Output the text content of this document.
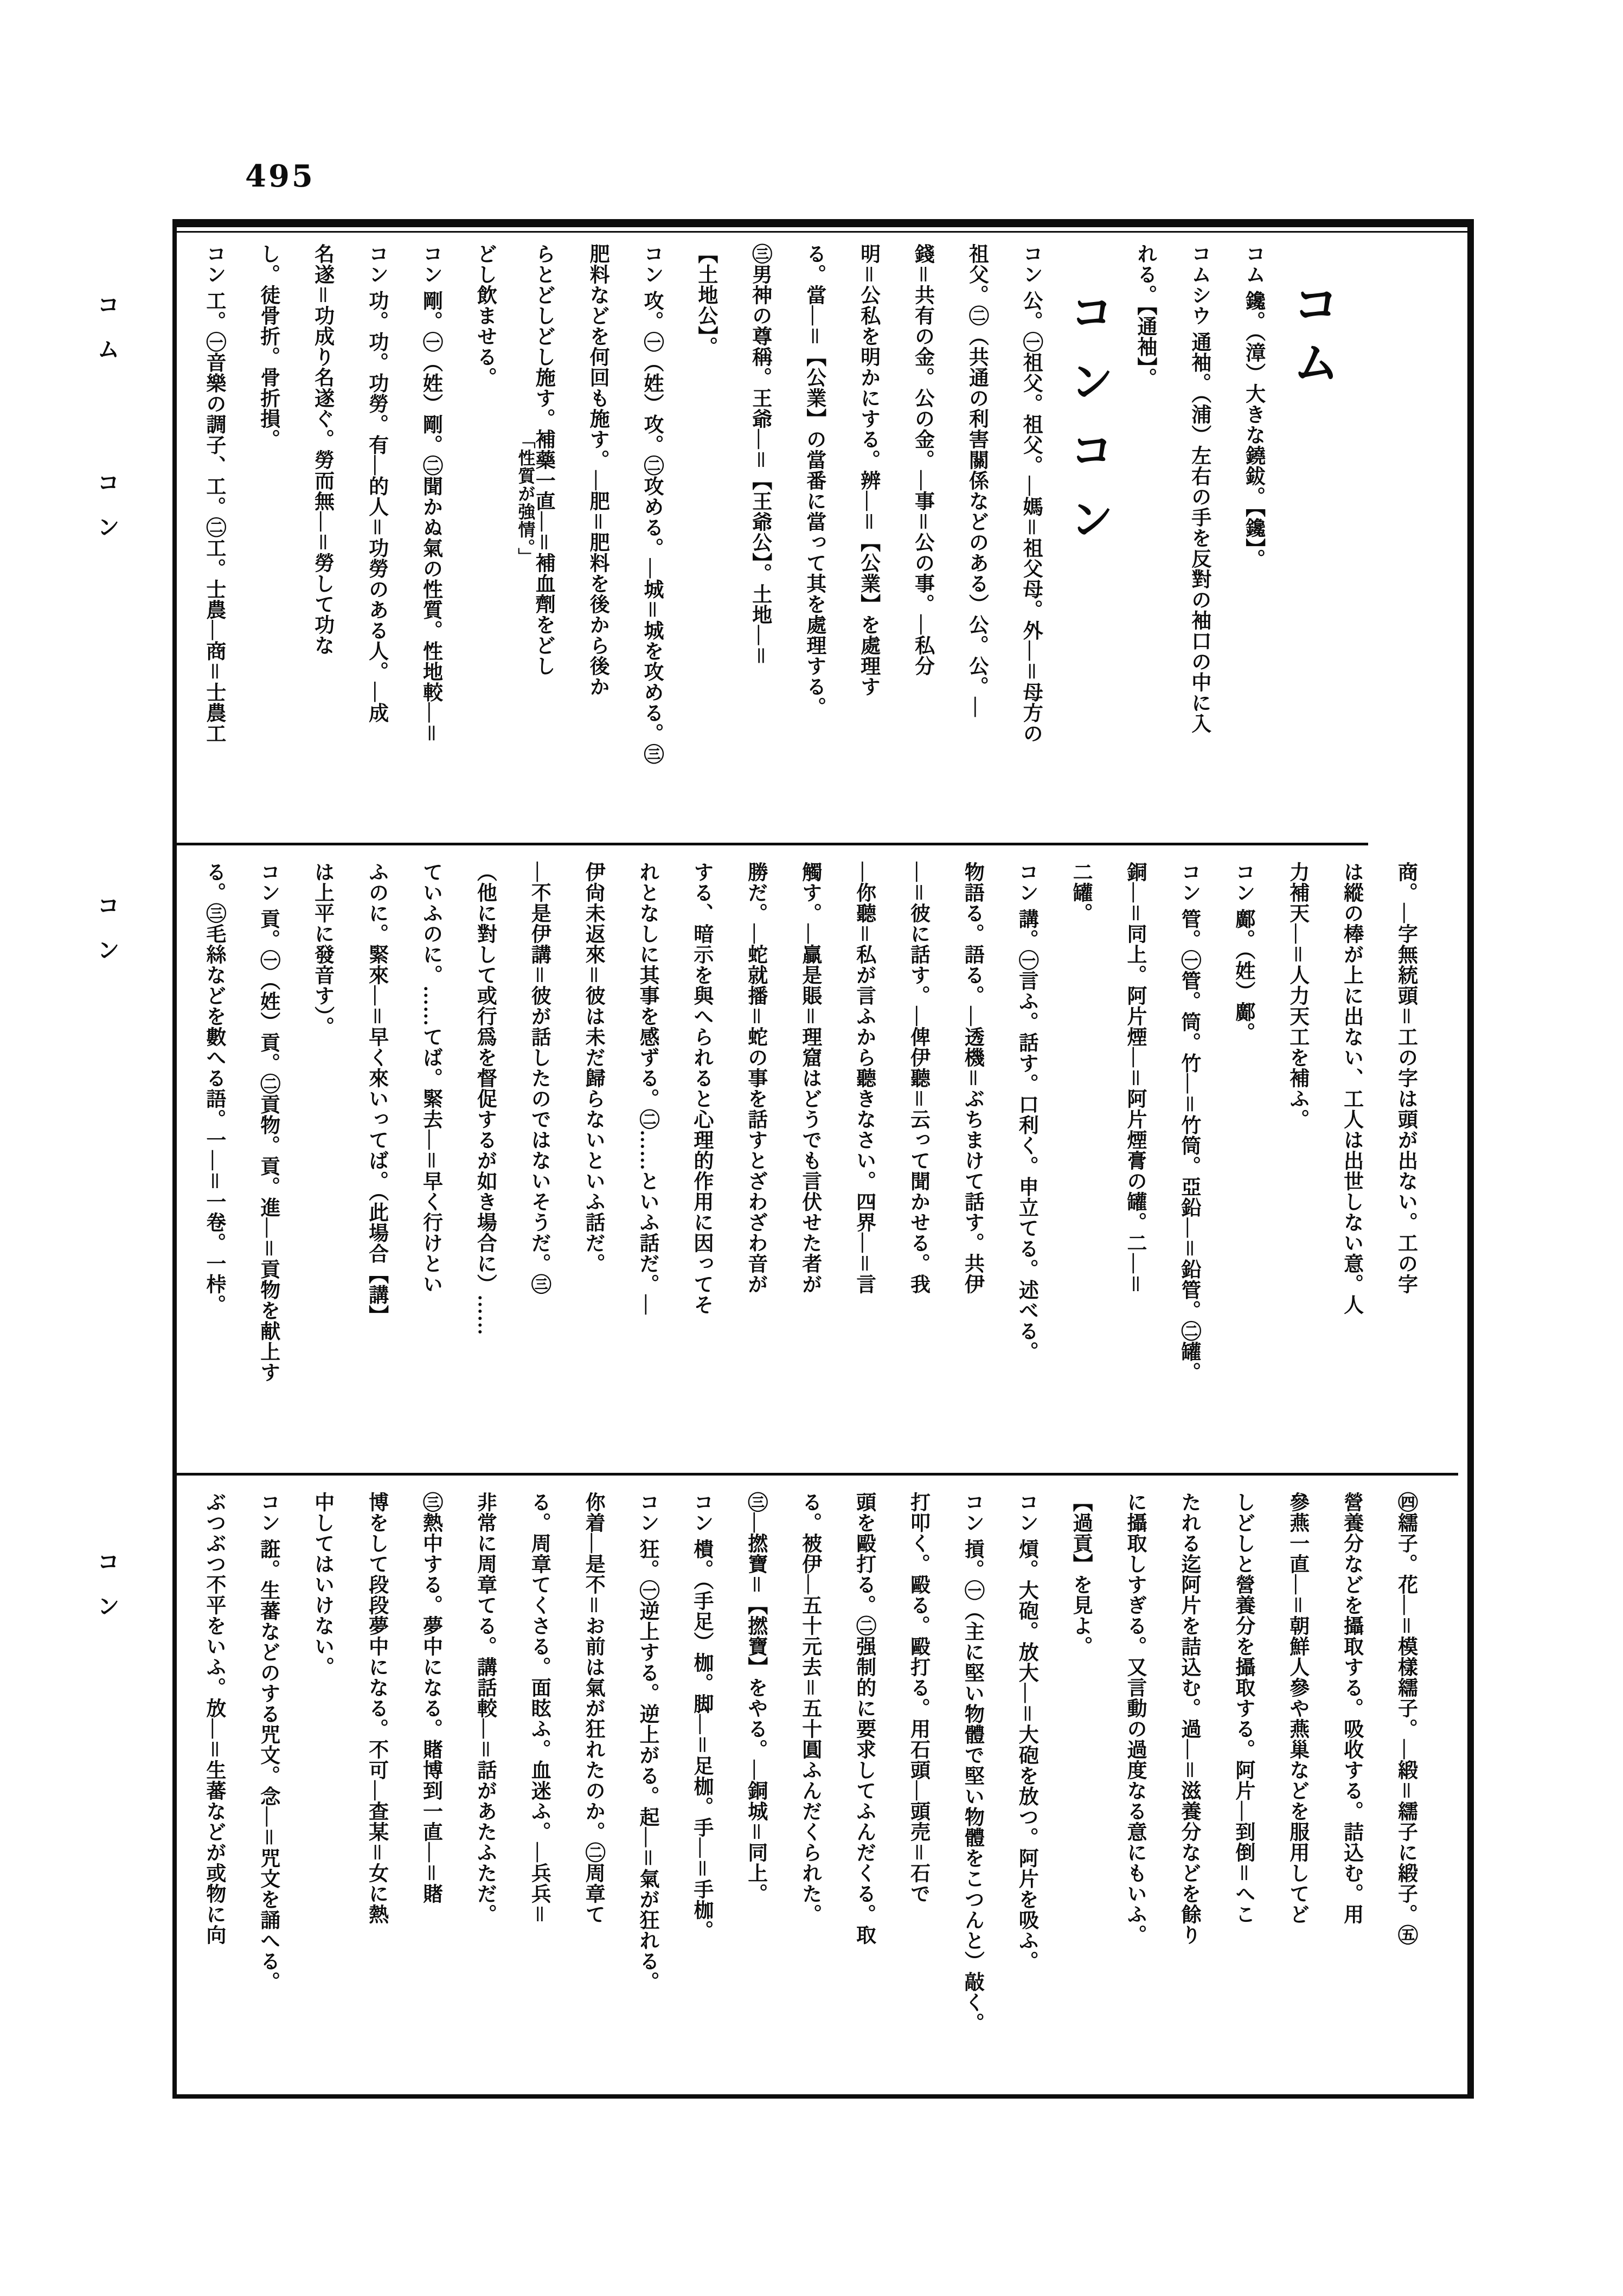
495
コム
コン
コン
コン
コム
コム 鑱。（漳）大きな鐃鈸。【鑱】。
コムシウ 通袖。（浦）左右の手を反對の袖口の中に入
れる。【通袖】。
コンコン
コン 公。㊀祖父。祖父。―媽＝祖父母。外―＝母方の
祖父。㊁（共通の利害關係などのある）公。公。―
錢＝共有の金。公の金。―事＝公の事。―私分
明＝公私を明かにする。辨―＝【公業】を處理す
る。當―＝【公業】の當番に當って其を處理する。
㊂男神の尊稱。王爺―＝【王爺公】。土地―＝
【土地公】。
コン 攻。㊀（姓）攻。㊁攻める。―城＝城を攻める。㊂
肥料などを何回も施す。―肥＝肥料を後から後か
らとどしどし施す。補藥一直―＝補血劑をどし
「性質が強情。」
どし飲ませる。
コン 剛。㊀（姓）剛。㊁聞かぬ氣の性質。性地較―＝
コン 功。功。功勞。有―的人＝功勞のある人。―成
名遂＝功成り名遂ぐ。勞而無―＝勞して功な
し。徒骨折。骨折損。
コン 工。㊀音樂の調子、工。㊁工。士農―商＝士農工
商。―字無統頭＝工の字は頭が出ない。工の字
は縱の棒が上に出ない、工人は出世しない意。人
力補天―＝人力天工を補ふ。
コン 鄺。（姓）鄺。
コン 管。㊀管。筒。竹―＝竹筒。亞鉛―＝鉛管。㊁罐。
銅―＝同上。阿片煙―＝阿片煙膏の罐。二―＝
二罐。
コン 講。㊀言ふ。話す。口利く。申立てる。述べる。
物語る。語る。―透機＝ぶちまけて話す。共伊
―＝彼に話す。―俾伊聽＝云って聞かせる。我
―你聽＝私が言ふから聽きなさい。四界―＝言
觸す。―贏是賬＝理窟はどうでも言伏せた者が
勝だ。―蛇就播＝蛇の事を話すとざわざわ音が
する、暗示を與へられると心理的作用に因ってそ
れとなしに其事を感ずる。㊁……といふ話だ。―
伊尙未返來＝彼は未だ歸らないといふ話だ。
―不是伊講＝彼が話したのではないそうだ。㊂
（他に對して或行爲を督促するが如き場合に）……
ていふのに。……てば。緊去―＝早く行けとい
ふのに。緊來―＝早く來いってば。（此場合【講】
は上平に發音す）。
コン 貢。㊀（姓）貢。㊁貢物。貢。進―＝貢物を献上す
る。㊂毛絲などを數へる語。一―＝一卷。一桛。
㊃繻子。花―＝模樣繻子。―緞＝繻子に緞子。㊄
營養分などを攝取する。吸收する。詰込む。用
參燕一直―＝朝鮮人參や燕巢などを服用してど
しどしと營養分を攝取する。阿片―到倒＝へこ
たれる迄阿片を詰込む。過―＝滋養分などを餘り
に攝取しすぎる。又言動の過度なる意にもいふ。
【過貢】を見よ。
コン 熕。大砲。放大―＝大砲を放つ。阿片を吸ふ。
コン 摃。㊀（主に堅い物體で堅い物體をこつんと）敲く。
打叩く。毆る。毆打る。用石頭―頭売＝石で
頭を毆打る。㊁强制的に要求してふんだくる。取
る。被伊―五十元去＝五十圓ふんだくられた。
㊂―撚寶＝【撚寶】をやる。―銅城＝同上。
コン 樻。（手足）枷。脚―＝足枷。手―＝手枷。
コン 狂。㊀逆上する。逆上がる。起―＝氣が狂れる。
你着―是不＝お前は氣が狂れたのか。㊁周章て
る。周章てくさる。面眩ふ。血迷ふ。―兵兵＝
非常に周章てる。講話較―＝話があたふただ。
㊂熱中する。夢中になる。賭博到一直―＝賭
博をして段段夢中になる。不可―查某＝女に熱
中してはいけない。
コン 誑。生蕃などのする咒文。念―＝咒文を誦へる。
ぶつぶつ不平をいふ。放―＝生蕃などが或物に向
